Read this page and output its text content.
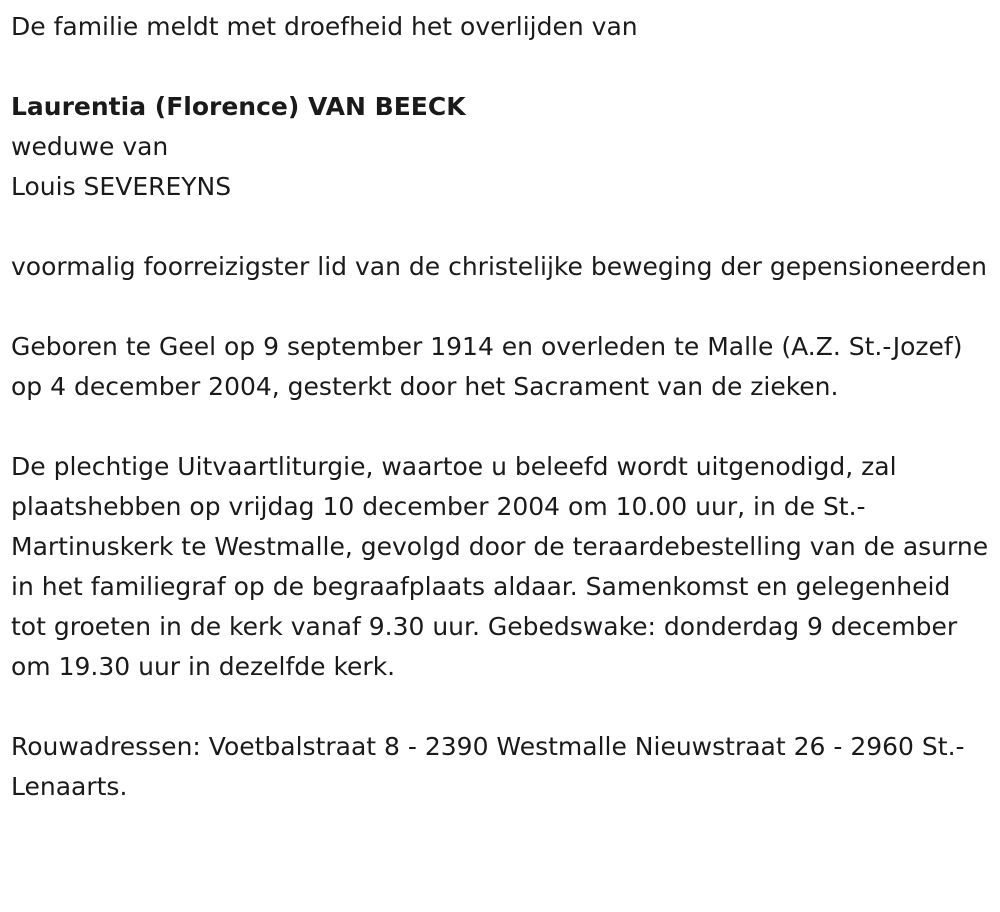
De familie meldt met droefheid het overlijden van

Laurentia (Florence) VAN BEECK

weduwe van

Louis SEVEREYNS

voormalig foorreizigster lid van de christelijke beweging der gepensioneerden

Geboren te Geel op 9 september 1914 en overleden te Malle (A.Z. St.-Jozef) op 4 december 2004, gesterkt door het Sacrament van de zieken.

De plechtige Uitvaartliturgie, waartoe u beleefd wordt uitgenodigd, zal plaatshebben op vrijdag 10 december 2004 om 10.00 uur, in de St.-Martinuskerk te Westmalle, gevolgd door de teraardebestelling van de asurne in het familiegraf op de begraafplaats aldaar. Samenkomst en gelegenheid tot groeten in de kerk vanaf 9.30 uur. Gebedswake: donderdag 9 december om 19.30 uur in dezelfde kerk.

Rouwadressen: Voetbalstraat 8 - 2390 Westmalle Nieuwstraat 26 - 2960 St.-Lenaarts.
